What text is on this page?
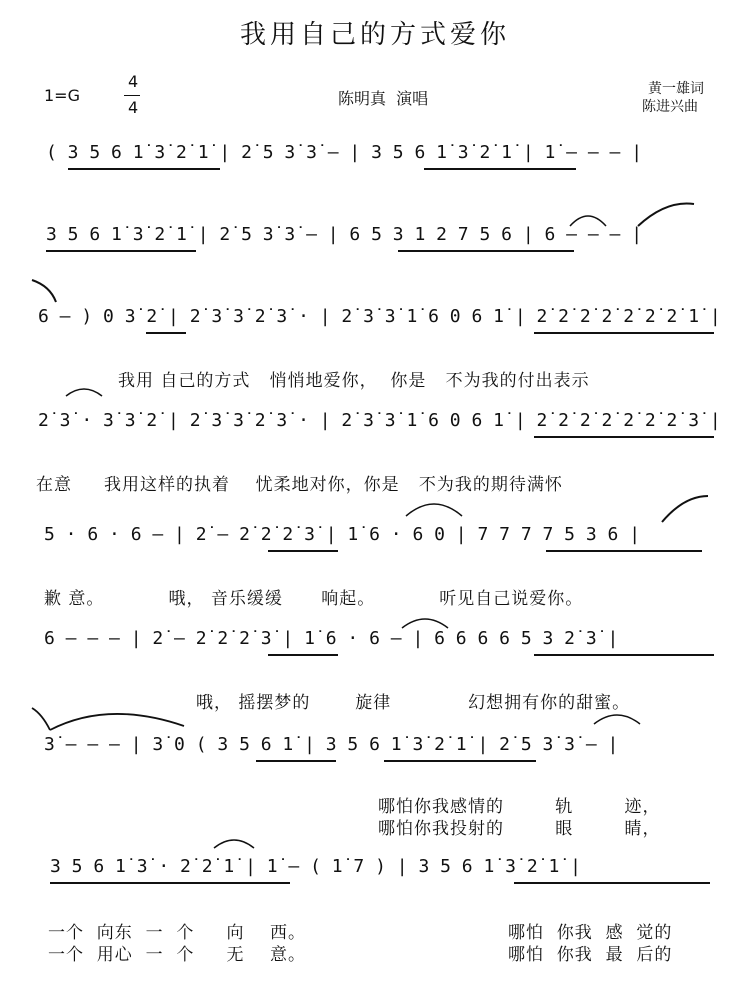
我用自己的方式爱你
1=G
4
4	陈明真  演唱	黄一雄词
陈进兴曲
( 3 5 6 1̇ 3̇ 2̇ 1̇ | 2̇ 5 3̇ 3̇ — | 3 5 6 1̇ 3̇ 2̇ 1̇ | 1̇ — — — |
3 5 6 1̇ 3̇ 2̇ 1̇ | 2̇ 5 3̇ 3̇ — | 6 5 3 1 2 7 5 6 | 6 — — — |
6 — ) 0 3̇ 2̇ | 2̇ 3̇ 3̇ 2̇ 3̇ · | 2̇ 3̇ 3̇ 1̇ 6 0 6 1̇ | 2̇ 2̇ 2̇ 2̇ 2̇ 2̇ 2̇ 1̇ |
我用 自己的方式   悄悄地爱你，  你是   不为我的付出表示
2̇ 3̇ · 3̇ 3̇ 2̇ | 2̇ 3̇ 3̇ 2̇ 3̇ · | 2̇ 3̇ 3̇ 1̇ 6 0 6 1̇ | 2̇ 2̇ 2̇ 2̇ 2̇ 2̇ 2̇ 3̇ |
在意     我用这样的执着    忧柔地对你，你是   不为我的期待满怀
5 · 6 · 6 — | 2̇ — 2̇ 2̇ 2̇ 3̇ | 1̇ 6 · 6 0 | 7 7 7 7 5 3 6 |
歉 意。          哦， 音乐缓缓      响起。          听见自己说爱你。
6 — — — | 2̇ — 2̇ 2̇ 2̇ 3̇ | 1̇ 6 · 6 — | 6 6 6 6 5 3 2̇ 3̇ |
哦， 摇摆梦的       旋律            幻想拥有你的甜蜜。
3̇ — — — | 3̇ 0 ( 3 5 6 1̇ | 3 5 6 1̇ 3̇ 2̇ 1̇ | 2̇ 5 3̇ 3̇ — |
哪怕你我感情的        轨        迹，
哪怕你我投射的        眼        睛，
3 5 6 1̇ 3̇ · 2̇ 2̇ 1̇ | 1̇ — ( 1̇ 7 ) | 3 5 6 1̇ 3̇ 2̇ 1̇ |
一个  向东  一  个     向    西。
一个  用心  一  个     无    意。
哪怕  你我  感  觉的
哪怕  你我  最  后的
